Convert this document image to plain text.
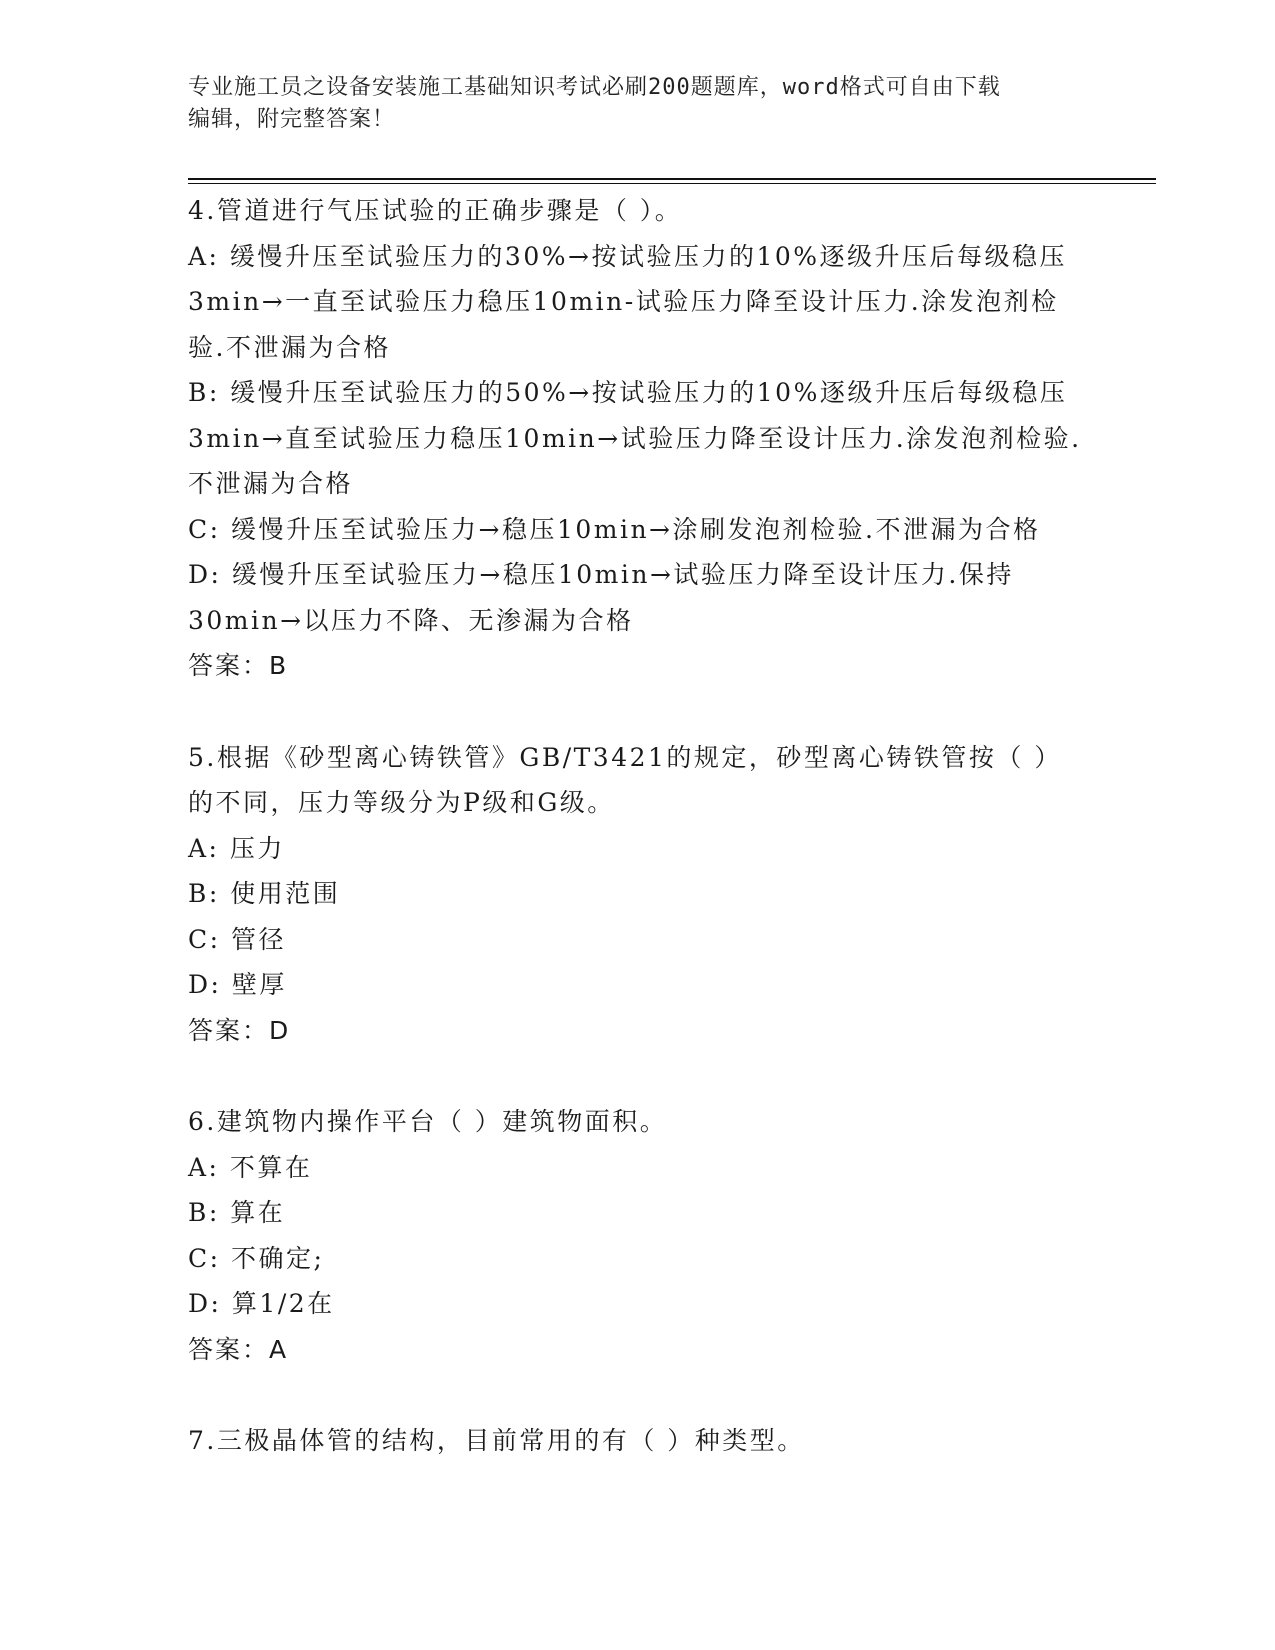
专业施工员之设备安装施工基础知识考试必刷200题题库，word格式可自由下载
编辑，附完整答案！

4.管道进行气压试验的正确步骤是（ ）。

A: 缓慢升压至试验压力的30%→按试验压力的10%逐级升压后每级稳压3min→一直至试验压力稳压10min-试验压力降至设计压力.涂发泡剂检验.不泄漏为合格

B: 缓慢升压至试验压力的50%→按试验压力的10%逐级升压后每级稳压3min→直至试验压力稳压10min→试验压力降至设计压力.涂发泡剂检验.不泄漏为合格

C: 缓慢升压至试验压力→稳压10min→涂刷发泡剂检验.不泄漏为合格

D: 缓慢升压至试验压力→稳压10min→试验压力降至设计压力.保持30min→以压力不降、无渗漏为合格

答案：B

5.根据《砂型离心铸铁管》GB/T3421的规定，砂型离心铸铁管按（ ）的不同，压力等级分为P级和G级。

A: 压力

B: 使用范围

C: 管径

D: 壁厚

答案：D

6.建筑物内操作平台（ ）建筑物面积。

A: 不算在

B: 算在

C: 不确定;

D: 算1/2在

答案：A

7.三极晶体管的结构，目前常用的有（ ）种类型。
